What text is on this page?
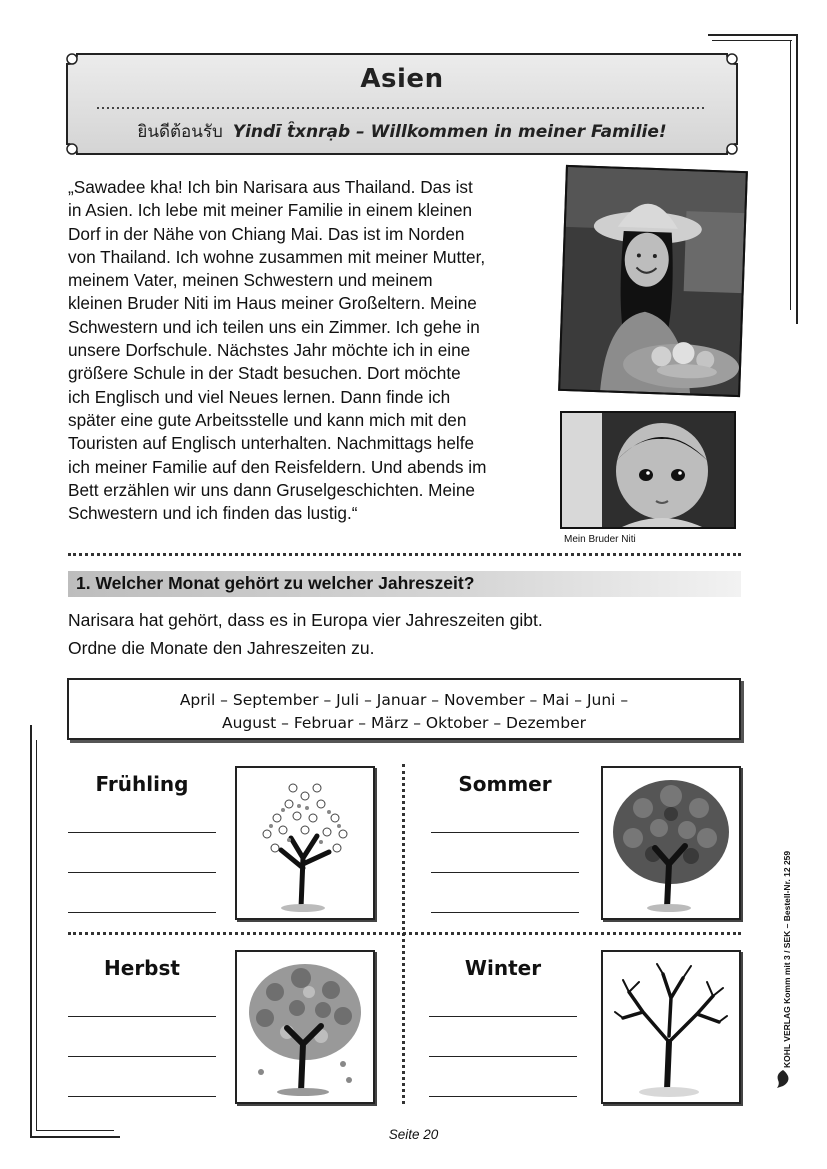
Asien
ยินดีต้อนรับ Yindī t̂xnrạb – Willkommen in meiner Familie!
„Sawadee kha! Ich bin Narisara aus Thailand. Das ist
in Asien. Ich lebe mit meiner Familie in einem kleinen
Dorf in der Nähe von Chiang Mai. Das ist im Norden
von Thailand. Ich wohne zusammen mit meiner Mutter,
meinem Vater, meinen Schwestern und meinem
kleinen Bruder Niti im Haus meiner Großeltern. Meine
Schwestern und ich teilen uns ein Zimmer. Ich gehe in
unsere Dorfschule. Nächstes Jahr möchte ich in eine
größere Schule in der Stadt besuchen. Dort möchte
ich Englisch und viel Neues lernen. Dann finde ich
später eine gute Arbeitsstelle und kann mich mit den
Touristen auf Englisch unterhalten. Nachmittags helfe
ich meiner Familie auf den Reisfeldern. Und abends im
Bett erzählen wir uns dann Gruselgeschichten. Meine
Schwestern und ich finden das lustig.“
Mein Bruder Niti
1. Welcher Monat gehört zu welcher Jahreszeit?
Narisara hat gehört, dass es in Europa vier Jahreszeiten gibt.
Ordne die Monate den Jahreszeiten zu.
April – September – Juli – Januar – November – Mai – Juni –
August – Februar – März – Oktober – Dezember
Frühling	Sommer
Herbst	Winter	KOHL VERLAG Komm mit 3 / SEK – Bestell-Nr. 12 259
Seite 20
